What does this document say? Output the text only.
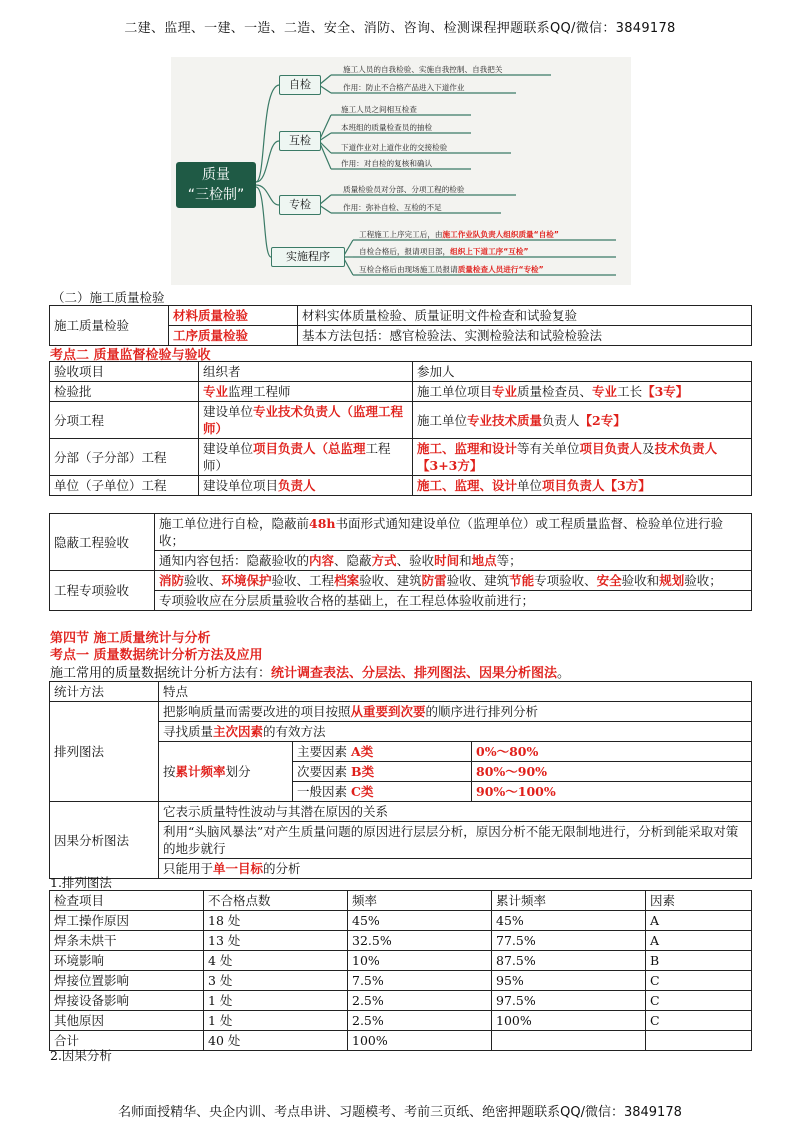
二建、监理、一建、一造、二造、安全、消防、咨询、检测课程押题联系QQ/微信：3849178
质量
“三检制”
自检
互检
专检
实施程序
施工人员的自我检验、实施自我控制、自我把关
作用：防止不合格产品进入下道作业
施工人员之间相互检查
本班组的质量检查员的抽检
下道作业对上道作业的交接检验
作用：对自检的复核和确认
质量检验员对分部、分项工程的检验
作用：弥补自检、互检的不足
工程施工上序完工后，由施工作业队负责人组织质量“自检”
自检合格后，报请项目部，组织上下道工序“互检”
互检合格后由现场施工员报请质量检查人员进行“专检”
（二）施工质量检验
施工质量检验	材料质量检验	材料实体质量检验、质量证明文件检查和试验复验
	工序质量检验	基本方法包括：感官检验法、实测检验法和试验检验法
考点二 质量监督检验与验收
验收项目	组织者	参加人
检验批	专业监理工程师	施工单位项目专业质量检查员、专业工长【3专】
分项工程	建设单位专业技术负责人（监理工程师）	施工单位专业技术质量负责人【2专】
分部（子分部）工程	建设单位项目负责人（总监理工程师）	施工、监理和设计等有关单位项目负责人及技术负责人【3+3方】
单位（子单位）工程	建设单位项目负责人	施工、监理、设计单位项目负责人【3方】
隐蔽工程验收	施工单位进行自检，隐蔽前48h书面形式通知建设单位（监理单位）或工程质量监督、检验单位进行验收；
	通知内容包括：隐蔽验收的内容、隐蔽方式、验收时间和地点等；
工程专项验收	消防验收、环境保护验收、工程档案验收、建筑防雷验收、建筑节能专项验收、安全验收和规划验收；
	专项验收应在分层质量验收合格的基础上，在工程总体验收前进行；
第四节 施工质量统计与分析
考点一 质量数据统计分析方法及应用
施工常用的质量数据统计分析方法有：统计调查表法、分层法、排列图法、因果分析图法。
统计方法	特点		
排列图法	把影响质量而需要改进的项目按照从重要到次要的顺序进行排列分析		
	寻找质量主次因素的有效方法		
	按累计频率划分	主要因素 A类	0%～80%
		次要因素 B类	80%～90%
		一般因素 C类	90%～100%
因果分析图法	它表示质量特性波动与其潜在原因的关系		
	利用“头脑风暴法”对产生质量问题的原因进行层层分析，原因分析不能无限制地进行，分析到能采取对策的地步就行		
	只能用于单一目标的分析		
1.排列图法
检查项目	不合格点数	频率	累计频率	因素
焊工操作原因	18 处	45%	45%	A
焊条未烘干	13 处	32.5%	77.5%	A
环境影响	4 处	10%	87.5%	B
焊接位置影响	3 处	7.5%	95%	C
焊接设备影响	1 处	2.5%	97.5%	C
其他原因	1 处	2.5%	100%	C
合计	40 处	100%		
2.因果分析
名师面授精华、央企内训、考点串讲、习题模考、考前三页纸、绝密押题联系QQ/微信：3849178
